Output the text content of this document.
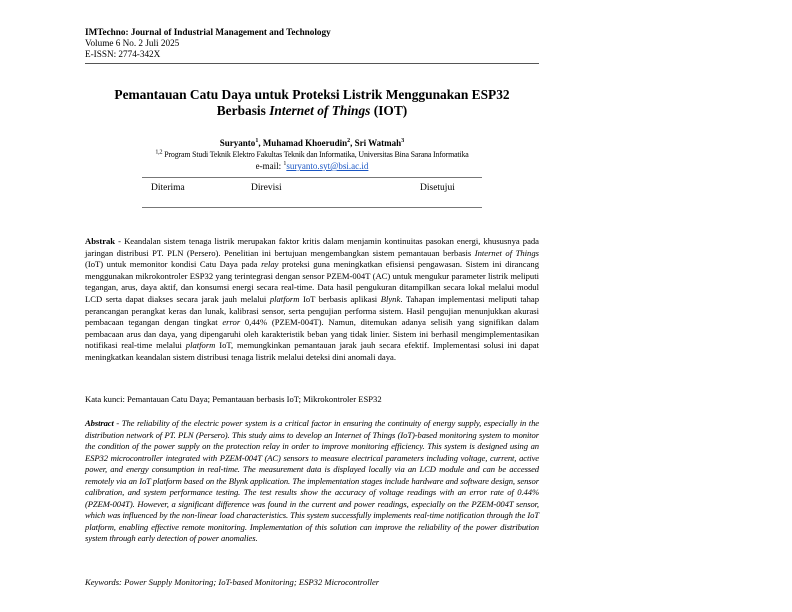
IMTechno: Journal of Industrial Management and Technology
Volume 6 No. 2 Juli 2025
E-ISSN: 2774-342X
Pemantauan Catu Daya untuk Proteksi Listrik Menggunakan ESP32
Berbasis Internet of Things (IOT)
Suryanto$^1$, Muhamad Khoerudin$^2$, Sri Watmah$^3$
$^{1,2}$ Program Studi Teknik Elektro Fakultas Teknik dan Informatika, Universitas Bina Sarana Informatika
e-mail: $^1$suryanto.syt@bsi.ac.id
Diterima	Direvisi	Disetujui
Abstrak - Keandalan sistem tenaga listrik merupakan faktor kritis dalam menjamin kontinuitas pasokan energi, khususnya pada jaringan distribusi PT. PLN (Persero). Penelitian ini bertujuan mengembangkan sistem pemantauan berbasis Internet of Things (IoT) untuk memonitor kondisi Catu Daya pada relay proteksi guna meningkatkan efisiensi pengawasan. Sistem ini dirancang menggunakan mikrokontroler ESP32 yang terintegrasi dengan sensor PZEM-004T (AC) untuk mengukur parameter listrik meliputi tegangan, arus, daya aktif, dan konsumsi energi secara real-time. Data hasil pengukuran ditampilkan secara lokal melalui modul LCD serta dapat diakses secara jarak jauh melalui platform IoT berbasis aplikasi Blynk. Tahapan implementasi meliputi tahap perancangan perangkat keras dan lunak, kalibrasi sensor, serta pengujian performa sistem. Hasil pengujian menunjukkan akurasi pembacaan tegangan dengan tingkat error 0,44% (PZEM-004T). Namun, ditemukan adanya selisih yang signifikan dalam pembacaan arus dan daya, yang dipengaruhi oleh karakteristik beban yang tidak linier. Sistem ini berhasil mengimplementasikan notifikasi real-time melalui platform IoT, memungkinkan pemantauan jarak jauh secara efektif. Implementasi solusi ini dapat meningkatkan keandalan sistem distribusi tenaga listrik melalui deteksi dini anomali daya.
Kata kunci: Pemantauan Catu Daya; Pemantauan berbasis IoT; Mikrokontroler ESP32
Abstract - The reliability of the electric power system is a critical factor in ensuring the continuity of energy supply, especially in the distribution network of PT. PLN (Persero). This study aims to develop an Internet of Things (IoT)-based monitoring system to monitor the condition of the power supply on the protection relay in order to improve monitoring efficiency. This system is designed using an ESP32 microcontroller integrated with PZEM-004T (AC) sensors to measure electrical parameters including voltage, current, active power, and energy consumption in real-time. The measurement data is displayed locally via an LCD module and can be accessed remotely via an IoT platform based on the Blynk application. The implementation stages include hardware and software design, sensor calibration, and system performance testing. The test results show the accuracy of voltage readings with an error rate of 0.44% (PZEM-004T). However, a significant difference was found in the current and power readings, especially on the PZEM-004T sensor, which was influenced by the non-linear load characteristics. This system successfully implements real-time notification through the IoT platform, enabling effective remote monitoring. Implementation of this solution can improve the reliability of the power distribution system through early detection of power anomalies.
Keywords: Power Supply Monitoring; IoT-based Monitoring; ESP32 Microcontroller
